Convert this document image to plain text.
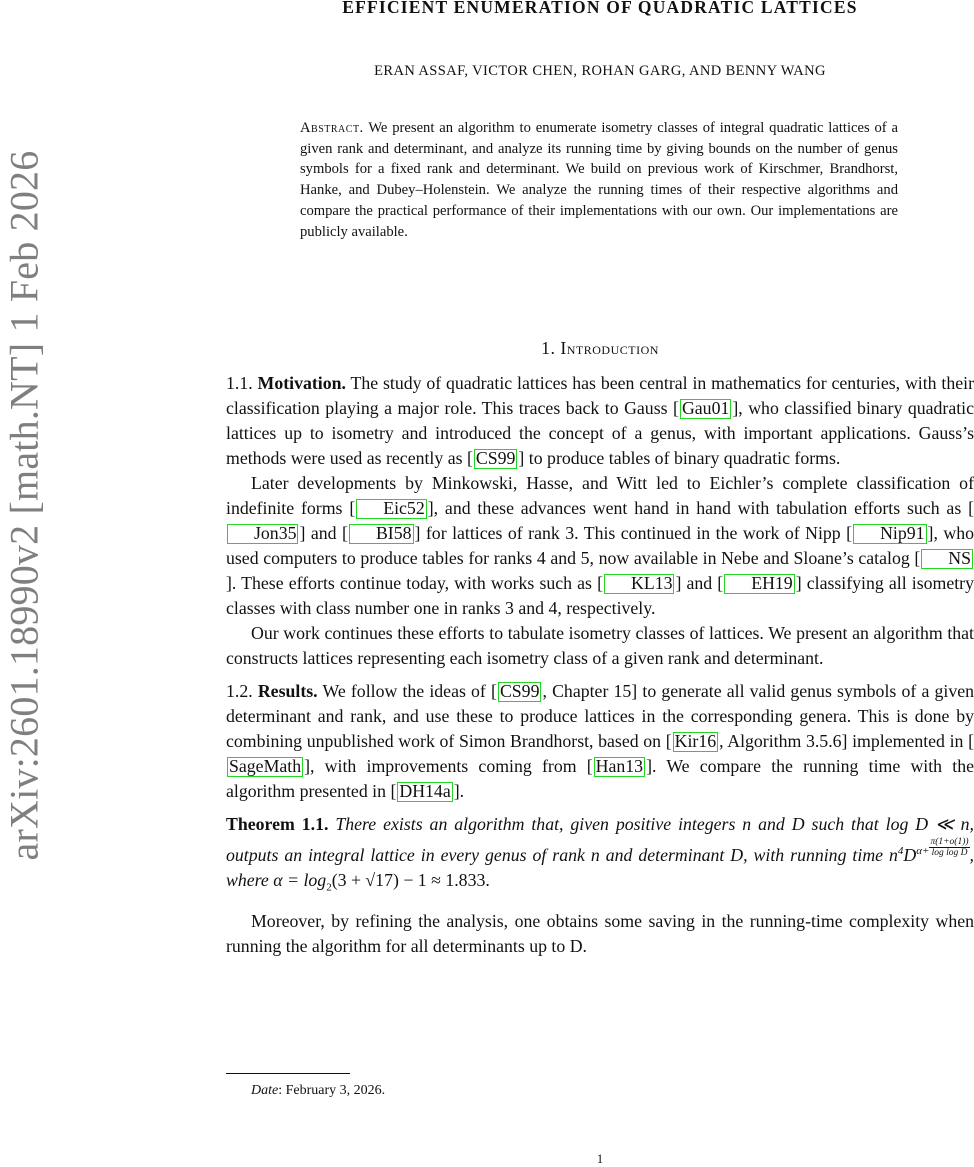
arXiv:2601.18990v2 [math.NT] 1 Feb 2026
EFFICIENT ENUMERATION OF QUADRATIC LATTICES
ERAN ASSAF, VICTOR CHEN, ROHAN GARG, AND BENNY WANG
Abstract. We present an algorithm to enumerate isometry classes of integral quadratic lattices of a given rank and determinant, and analyze its running time by giving bounds on the number of genus symbols for a fixed rank and determinant. We build on previous work of Kirschmer, Brandhorst, Hanke, and Dubey–Holenstein. We analyze the running times of their respective algorithms and compare the practical performance of their implementations with our own. Our implementations are publicly available.
1. Introduction

1.1. Motivation. The study of quadratic lattices has been central in mathematics for centuries, with their classification playing a major role. This traces back to Gauss [ Gau01 ], who classified binary quadratic lattices up to isometry and introduced the concept of a genus, with important applications. Gauss’s methods were used as recently as [ CS99 ] to produce tables of binary quadratic forms.

Later developments by Minkowski, Hasse, and Witt led to Eichler’s complete classification of indefinite forms [ Eic52 ], and these advances went hand in hand with tabulation efforts such as [Jon35 ] and [ BI58 ] for lattices of rank 3. This continued in the work of Nipp [ Nip91 ], who used computers to produce tables for ranks 4 and 5, now available in Nebe and Sloane’s catalog [ NS]. These efforts continue today, with works such as [ KL13 ] and [ EH19 ] classifying all isometry classes with class number one in ranks 3 and 4, respectively.

Our work continues these efforts to tabulate isometry classes of lattices. We present an algorithm that constructs lattices representing each isometry class of a given rank and determinant.

1.2. Results. We follow the ideas of [ CS99 , Chapter 15] to generate all valid genus symbols of a given determinant and rank, and use these to produce lattices in the corresponding genera. This is done by combining unpublished work of Simon Brandhorst, based on [ Kir16 , Algorithm 3.5.6] implemented in [SageMath ], with improvements coming from [ Han13 ]. We compare the running time with the algorithm presented in [ DH14a ].

Theorem 1.1. There exists an algorithm that, given positive integers n and D such that log D ≪ n, outputs an integral lattice in every genus of rank n and determinant D, with running time $n^4D^{\alpha+} \frac{\pi(1+o(1))}{\text{log log D}}$ , where $\alpha = \log_2(3 + √17) - 1 \approx 1.833$.

Moreover, by refining the analysis, one obtains some saving in the running-time complexity when running the algorithm for all determinants up to D.

Date: February 3, 2026.
1
